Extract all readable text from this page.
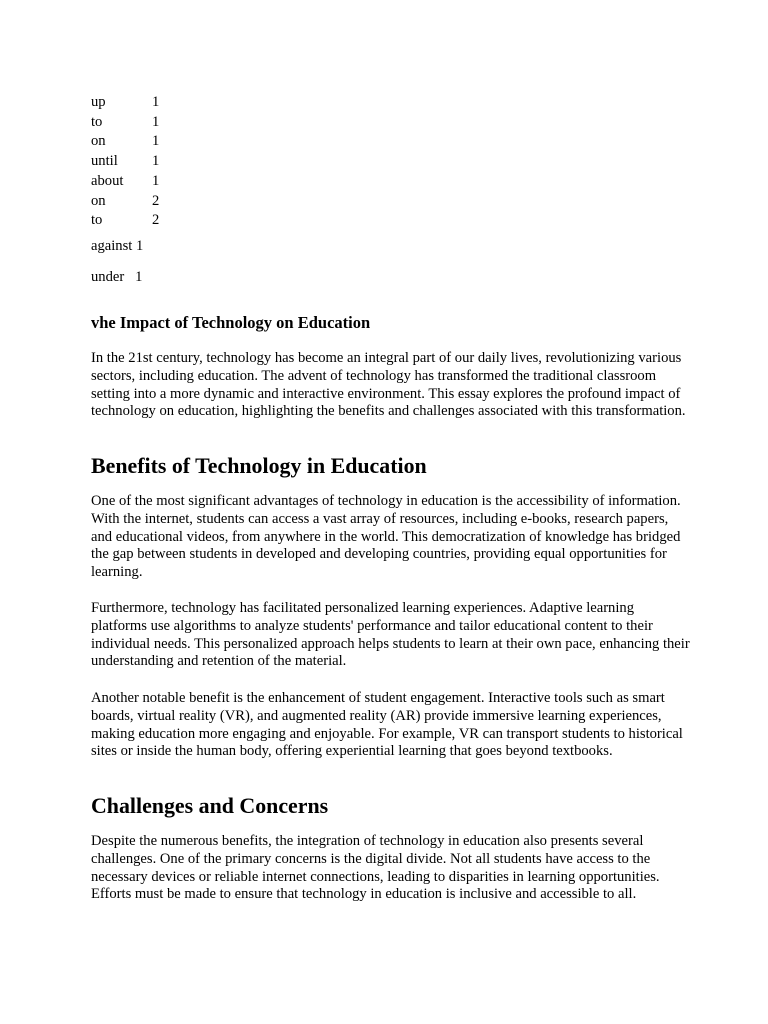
up	1
to	1
on	1
until	1
about	1
on	2
to	2
against 1
under   1
vhe Impact of Technology on Education

In the 21st century, technology has become an integral part of our daily lives, revolutionizing various sectors, including education. The advent of technology has transformed the traditional classroom setting into a more dynamic and interactive environment. This essay explores the profound impact of technology on education, highlighting the benefits and challenges associated with this transformation.

Benefits of Technology in Education

One of the most significant advantages of technology in education is the accessibility of information. With the internet, students can access a vast array of resources, including e-books, research papers, and educational videos, from anywhere in the world. This democratization of knowledge has bridged the gap between students in developed and developing countries, providing equal opportunities for learning.

Furthermore, technology has facilitated personalized learning experiences. Adaptive learning platforms use algorithms to analyze students' performance and tailor educational content to their individual needs. This personalized approach helps students to learn at their own pace, enhancing their understanding and retention of the material.

Another notable benefit is the enhancement of student engagement. Interactive tools such as smart boards, virtual reality (VR), and augmented reality (AR) provide immersive learning experiences, making education more engaging and enjoyable. For example, VR can transport students to historical sites or inside the human body, offering experiential learning that goes beyond textbooks.

Challenges and Concerns

Despite the numerous benefits, the integration of technology in education also presents several challenges. One of the primary concerns is the digital divide. Not all students have access to the necessary devices or reliable internet connections, leading to disparities in learning opportunities. Efforts must be made to ensure that technology in education is inclusive and accessible to all.
